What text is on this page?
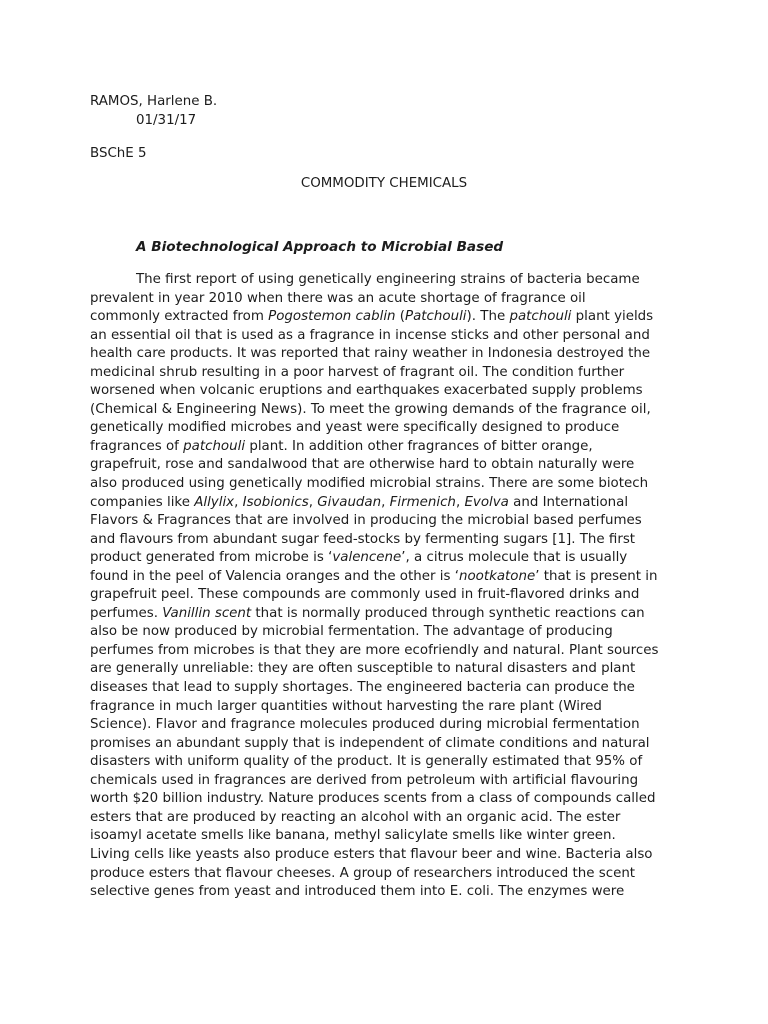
RAMOS, Harlene B.
01/31/17
BSChE 5
COMMODITY CHEMICALS
A Biotechnological Approach to Microbial Based
The first report of using genetically engineering strains of bacteria became
prevalent in year 2010 when there was an acute shortage of fragrance oil
commonly extracted from Pogostemon cablin (Patchouli). The patchouli plant yields
an essential oil that is used as a fragrance in incense sticks and other personal and
health care products. It was reported that rainy weather in Indonesia destroyed the
medicinal shrub resulting in a poor harvest of fragrant oil. The condition further
worsened when volcanic eruptions and earthquakes exacerbated supply problems
(Chemical & Engineering News). To meet the growing demands of the fragrance oil,
genetically modified microbes and yeast were specifically designed to produce
fragrances of patchouli plant. In addition other fragrances of bitter orange,
grapefruit, rose and sandalwood that are otherwise hard to obtain naturally were
also produced using genetically modified microbial strains. There are some biotech
companies like Allylix, Isobionics, Givaudan, Firmenich, Evolva and International
Flavors & Fragrances that are involved in producing the microbial based perfumes
and flavours from abundant sugar feed-stocks by fermenting sugars [1]. The first
product generated from microbe is ‘valencene’, a citrus molecule that is usually
found in the peel of Valencia oranges and the other is ‘nootkatone’ that is present in
grapefruit peel. These compounds are commonly used in fruit-flavored drinks and
perfumes. Vanillin scent that is normally produced through synthetic reactions can
also be now produced by microbial fermentation. The advantage of producing
perfumes from microbes is that they are more ecofriendly and natural. Plant sources
are generally unreliable: they are often susceptible to natural disasters and plant
diseases that lead to supply shortages. The engineered bacteria can produce the
fragrance in much larger quantities without harvesting the rare plant (Wired
Science). Flavor and fragrance molecules produced during microbial fermentation
promises an abundant supply that is independent of climate conditions and natural
disasters with uniform quality of the product. It is generally estimated that 95% of
chemicals used in fragrances are derived from petroleum with artificial flavouring
worth $20 billion industry. Nature produces scents from a class of compounds called
esters that are produced by reacting an alcohol with an organic acid. The ester
isoamyl acetate smells like banana, methyl salicylate smells like winter green.
Living cells like yeasts also produce esters that flavour beer and wine. Bacteria also
produce esters that flavour cheeses. A group of researchers introduced the scent
selective genes from yeast and introduced them into E. coli. The enzymes were
